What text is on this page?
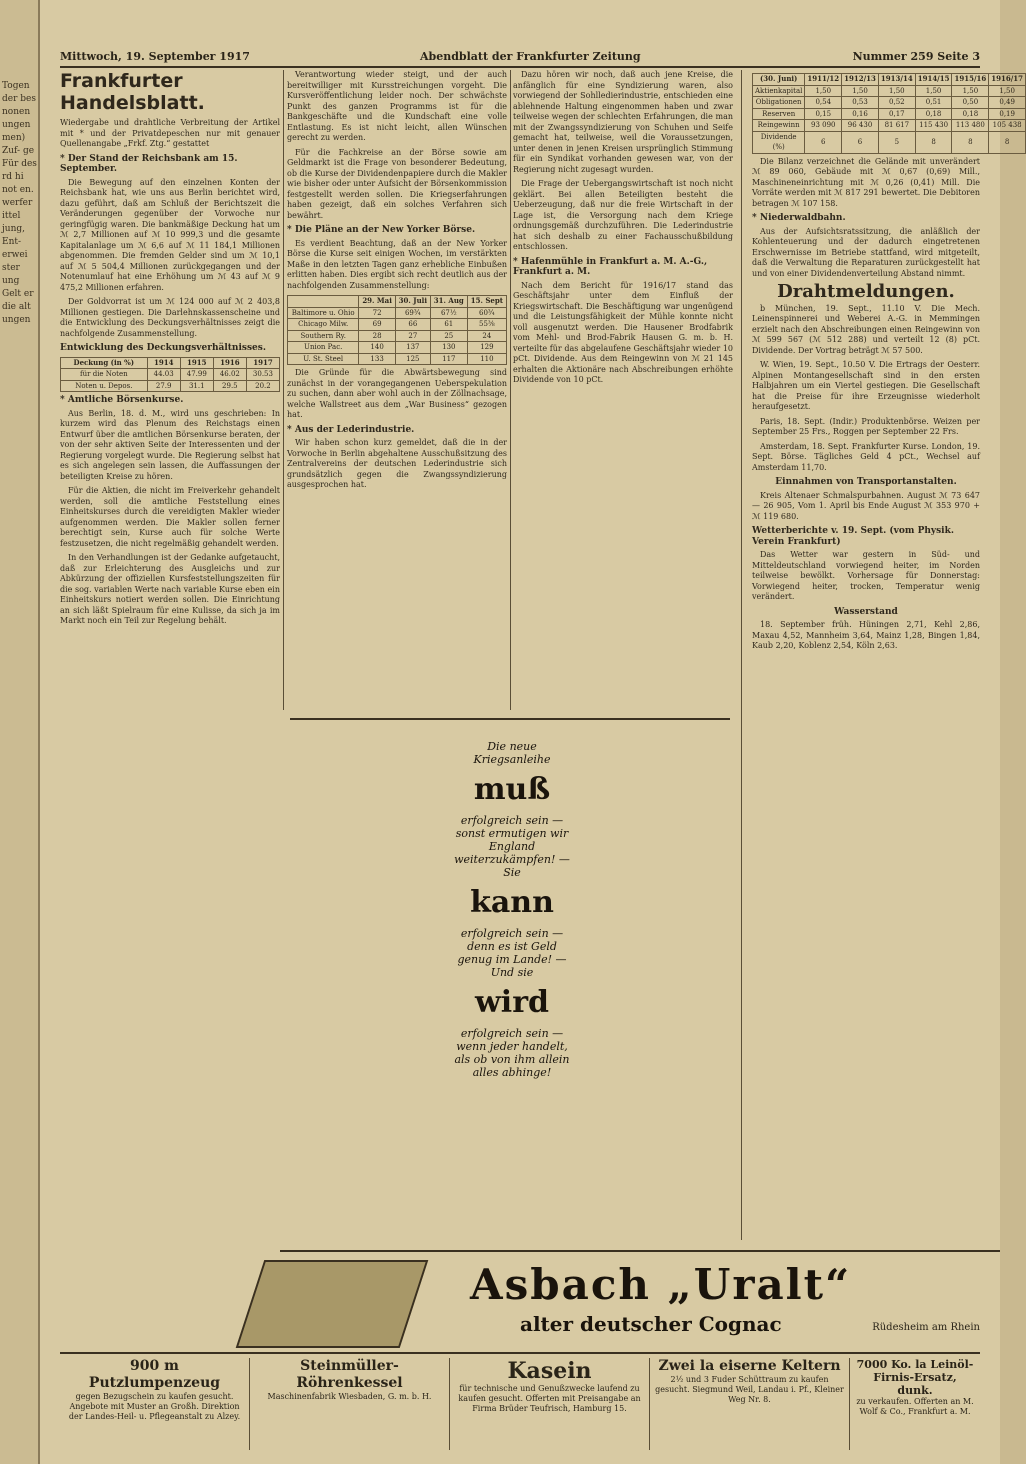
Togen der bes nonen ungen men) Zuf- ge Für des rd hi not en. werfer ittel jung, Ent- erwei ster ung Gelt er die alt ungen
Mittwoch, 19. September 1917	Abendblatt der Frankfurter Zeitung	Nummer 259 Seite 3
Frankfurter Handelsblatt.
Wiedergabe und drahtliche Verbreitung der Artikel mit * und der Privatdepeschen nur mit genauer Quellenangabe „Frkf. Ztg.“ gestattet
* Der Stand der Reichsbank am 15. September.

Die Bewegung auf den einzelnen Konten der Reichsbank hat, wie uns aus Berlin berichtet wird, dazu geführt, daß am Schluß der Berichtszeit die Veränderungen gegenüber der Vorwoche nur geringfügig waren. Die bankmäßige Deckung hat um ℳ 2,7 Millionen auf ℳ 10 999,3 und die gesamte Kapitalanlage um ℳ 6,6 auf ℳ 11 184,1 Millionen abgenommen. Die fremden Gelder sind um ℳ 10,1 auf ℳ 5 504,4 Millionen zurückgegangen und der Notenumlauf hat eine Erhöhung um ℳ 43 auf ℳ 9 475,2 Millionen erfahren.

Der Goldvorrat ist um ℳ 124 000 auf ℳ 2 403,8 Millionen gestiegen. Die Darlehnskassenscheine und die Entwicklung des Deckungsverhältnisses zeigt die nachfolgende Zusammenstellung.

Entwicklung des Deckungsverhältnisses.
Deckung (in %)	1914	1915	1916	1917
für die Noten	44.03	47.99	46.02	30.53
Noten u. Depos.	27.9	31.1	29.5	20.2
* Amtliche Börsenkurse.

Aus Berlin, 18. d. M., wird uns geschrieben: In kurzem wird das Plenum des Reichstags einen Entwurf über die amtlichen Börsenkurse beraten, der von der sehr aktiven Seite der Interessenten und der Regierung vorgelegt wurde. Die Regierung selbst hat es sich angelegen sein lassen, die Auffassungen der beteiligten Kreise zu hören.

Für die Aktien, die nicht im Freiverkehr gehandelt werden, soll die amtliche Feststellung eines Einheitskurses durch die vereidigten Makler wieder aufgenommen werden. Die Makler sollen ferner berechtigt sein, Kurse auch für solche Werte festzusetzen, die nicht regelmäßig gehandelt werden.

In den Verhandlungen ist der Gedanke aufgetaucht, daß zur Erleichterung des Ausgleichs und zur Abkürzung der offiziellen Kursfeststellungszeiten für die sog. variablen Werte nach variable Kurse eben ein Einheitskurs notiert werden sollen. Die Einrichtung an sich läßt Spielraum für eine Kulisse, da sich ja im Markt noch ein Teil zur Regelung behält.

Verantwortung wieder steigt, und der auch bereitwilliger mit Kursstreichungen vorgeht. Die Kursveröffentlichung leider noch. Der schwächste Punkt des ganzen Programms ist für die Bankgeschäfte und die Kundschaft eine volle Entlastung. Es ist nicht leicht, allen Wünschen gerecht zu werden.

Für die Fachkreise an der Börse sowie am Geldmarkt ist die Frage von besonderer Bedeutung, ob die Kurse der Dividendenpapiere durch die Makler wie bisher oder unter Aufsicht der Börsenkommission festgestellt werden sollen. Die Kriegserfahrungen haben gezeigt, daß ein solches Verfahren sich bewährt.

* Die Pläne an der New Yorker Börse.

Es verdient Beachtung, daß an der New Yorker Börse die Kurse seit einigen Wochen, im verstärkten Maße in den letzten Tagen ganz erhebliche Einbußen erlitten haben. Dies ergibt sich recht deutlich aus der nachfolgenden Zusammenstellung:

	29. Mai	30. Juli	31. Aug	15. Sept
Baltimore u. Ohio	72	69¾	67½	60¾
Chicago Milw.	69	66	61	55⅜
Southern Ry.	28	27	25	24
Union Pac.	140	137	130	129
U. St. Steel	133	125	117	110

Die Gründe für die Abwärtsbewegung sind zunächst in der vorangegangenen Ueberspekulation zu suchen, dann aber wohl auch in der Zöllnachsage, welche Wallstreet aus dem „War Business“ gezogen hat.

* Aus der Lederindustrie.

Wir haben schon kurz gemeldet, daß die in der Vorwoche in Berlin abgehaltene Ausschußsitzung des Zentralvereins der deutschen Lederindustrie sich grundsätzlich gegen die Zwangssyndizierung ausgesprochen hat.

Dazu hören wir noch, daß auch jene Kreise, die anfänglich für eine Syndizierung waren, also vorwiegend der Sohlledierindustrie, entschieden eine ablehnende Haltung eingenommen haben und zwar teilweise wegen der schlechten Erfahrungen, die man mit der Zwangssyndizierung von Schuhen und Seife gemacht hat, teilweise, weil die Voraussetzungen, unter denen in jenen Kreisen ursprünglich Stimmung für ein Syndikat vorhanden gewesen war, von der Regierung nicht zugesagt wurden.

Die Frage der Uebergangswirtschaft ist noch nicht geklärt. Bei allen Beteiligten besteht die Ueberzeugung, daß nur die freie Wirtschaft in der Lage ist, die Versorgung nach dem Kriege ordnungsgemäß durchzuführen. Die Lederindustrie hat sich deshalb zu einer Fachausschußbildung entschlossen.

* Hafenmühle in Frankfurt a. M. A.-G., Frankfurt a. M.

Nach dem Bericht für 1916/17 stand das Geschäftsjahr unter dem Einfluß der Kriegswirtschaft. Die Beschäftigung war ungenügend und die Leistungsfähigkeit der Mühle konnte nicht voll ausgenutzt werden. Die Hausener Brodfabrik vom Mehl- und Brod-Fabrik Hausen G. m. b. H. verteilte für das abgelaufene Geschäftsjahr wieder 10 pCt. Dividende. Aus dem Reingewinn von ℳ 21 145 erhalten die Aktionäre nach Abschreibungen erhöhte Dividende von 10 pCt.

(30. Juni)	1911/12	1912/13	1913/14	1914/15	1915/16	1916/17
Aktienkapital	1,50	1,50	1,50	1,50	1,50	1,50
Obligationen	0,54	0,53	0,52	0,51	0,50	0,49
Reserven	0,15	0,16	0,17	0,18	0,18	0,19
Reingewinn	93 090	96 430	81 617	115 430	113 480	105 438
Dividende (%)	6	6	5	8	8	8

Die Bilanz verzeichnet die Gelände mit unverändert ℳ 89 060, Gebäude mit ℳ 0,67 (0,69) Mill., Maschineneinrichtung mit ℳ 0,26 (0,41) Mill. Die Vorräte werden mit ℳ 817 291 bewertet. Die Debitoren betragen ℳ 107 158.

* Niederwaldbahn.

Aus der Aufsichtsratssitzung, die anläßlich der Kohlenteuerung und der dadurch eingetretenen Erschwernisse im Betriebe stattfand, wird mitgeteilt, daß die Verwaltung die Reparaturen zurückgestellt hat und von einer Dividendenverteilung Abstand nimmt.

Drahtmeldungen.

b München, 19. Sept., 11.10 V. Die Mech. Leinenspinnerei und Weberei A.-G. in Memmingen erzielt nach den Abschreibungen einen Reingewinn von ℳ 599 567 (ℳ 512 288) und verteilt 12 (8) pCt. Dividende. Der Vortrag beträgt ℳ 57 500.

W. Wien, 19. Sept., 10.50 V. Die Ertrags der Oesterr. Alpinen Montangesellschaft sind in den ersten Halbjahren um ein Viertel gestiegen. Die Gesellschaft hat die Preise für ihre Erzeugnisse wiederholt heraufgesetzt.

Paris, 18. Sept. (Indir.) Produktenbörse. Weizen per September 25 Frs., Roggen per September 22 Frs.

Amsterdam, 18. Sept. Frankfurter Kurse. London, 19. Sept. Börse. Tägliches Geld 4 pCt., Wechsel auf Amsterdam 11,70.

Einnahmen von Transportanstalten.

Kreis Altenaer Schmalspurbahnen. August ℳ 73 647 — 26 905, Vom 1. April bis Ende August ℳ 353 970 + ℳ 119 680.

Wetterberichte v. 19. Sept. (vom Physik. Verein Frankfurt)

Das Wetter war gestern in Süd- und Mitteldeutschland vorwiegend heiter, im Norden teilweise bewölkt. Vorhersage für Donnerstag: Vorwiegend heiter, trocken, Temperatur wenig verändert.

Wasserstand

18. September früh. Hüningen 2,71, Kehl 2,86, Maxau 4,52, Mannheim 3,64, Mainz 1,28, Bingen 1,84, Kaub 2,20, Koblenz 2,54, Köln 2,63.

Die neue Kriegsanleihe
muß
erfolgreich sein — sonst ermutigen wir England weiterzukämpfen! — Sie
kann
erfolgreich sein — denn es ist Geld genug im Lande! — Und sie
wird
erfolgreich sein — wenn jeder handelt, als ob von ihm allein alles abhinge!
Asbach „Uralt“
alter deutscher Cognac	Rüdesheim am Rhein
900 m Putzlumpenzeug
gegen Bezugschein zu kaufen gesucht. Angebote mit Muster an Großh. Direktion der Landes-Heil- u. Pflegeanstalt zu Alzey.
Steinmüller-Röhrenkessel
Maschinenfabrik Wiesbaden, G. m. b. H.
Kasein
für technische und Genußzwecke laufend zu kaufen gesucht. Offerten mit Preisangabe an Firma Brüder Teufrisch, Hamburg 15.
Zwei la eiserne Keltern
2½ und 3 Fuder Schüttraum zu kaufen gesucht. Siegmund Weil, Landau i. Pf., Kleiner Weg Nr. 8.
7000 Ko. la Leinöl-Firnis-Ersatz, dunk.
zu verkaufen. Offerten an M. Wolf & Co., Frankfurt a. M.
